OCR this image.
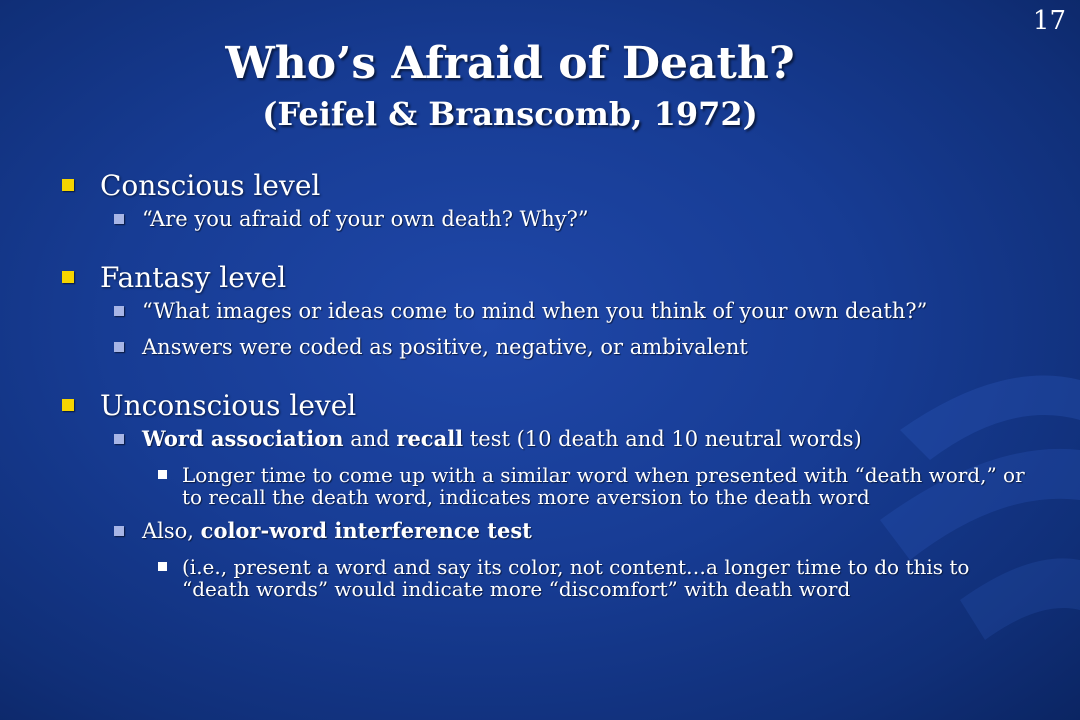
17
Who’s Afraid of Death?
(Feifel & Branscomb, 1972)
Conscious level
“Are you afraid of your own death? Why?”
Fantasy level
“What images or ideas come to mind when you think of your own death?”
Answers were coded as positive, negative, or ambivalent
Unconscious level
Word association and recall test (10 death and 10 neutral words)
Longer time to come up with a similar word when presented with “death word,” or to recall the death word, indicates more aversion to the death word
Also, color-word interference test
(i.e., present a word and say its color, not content…a longer time to do this to “death words” would indicate more “discomfort” with death word
